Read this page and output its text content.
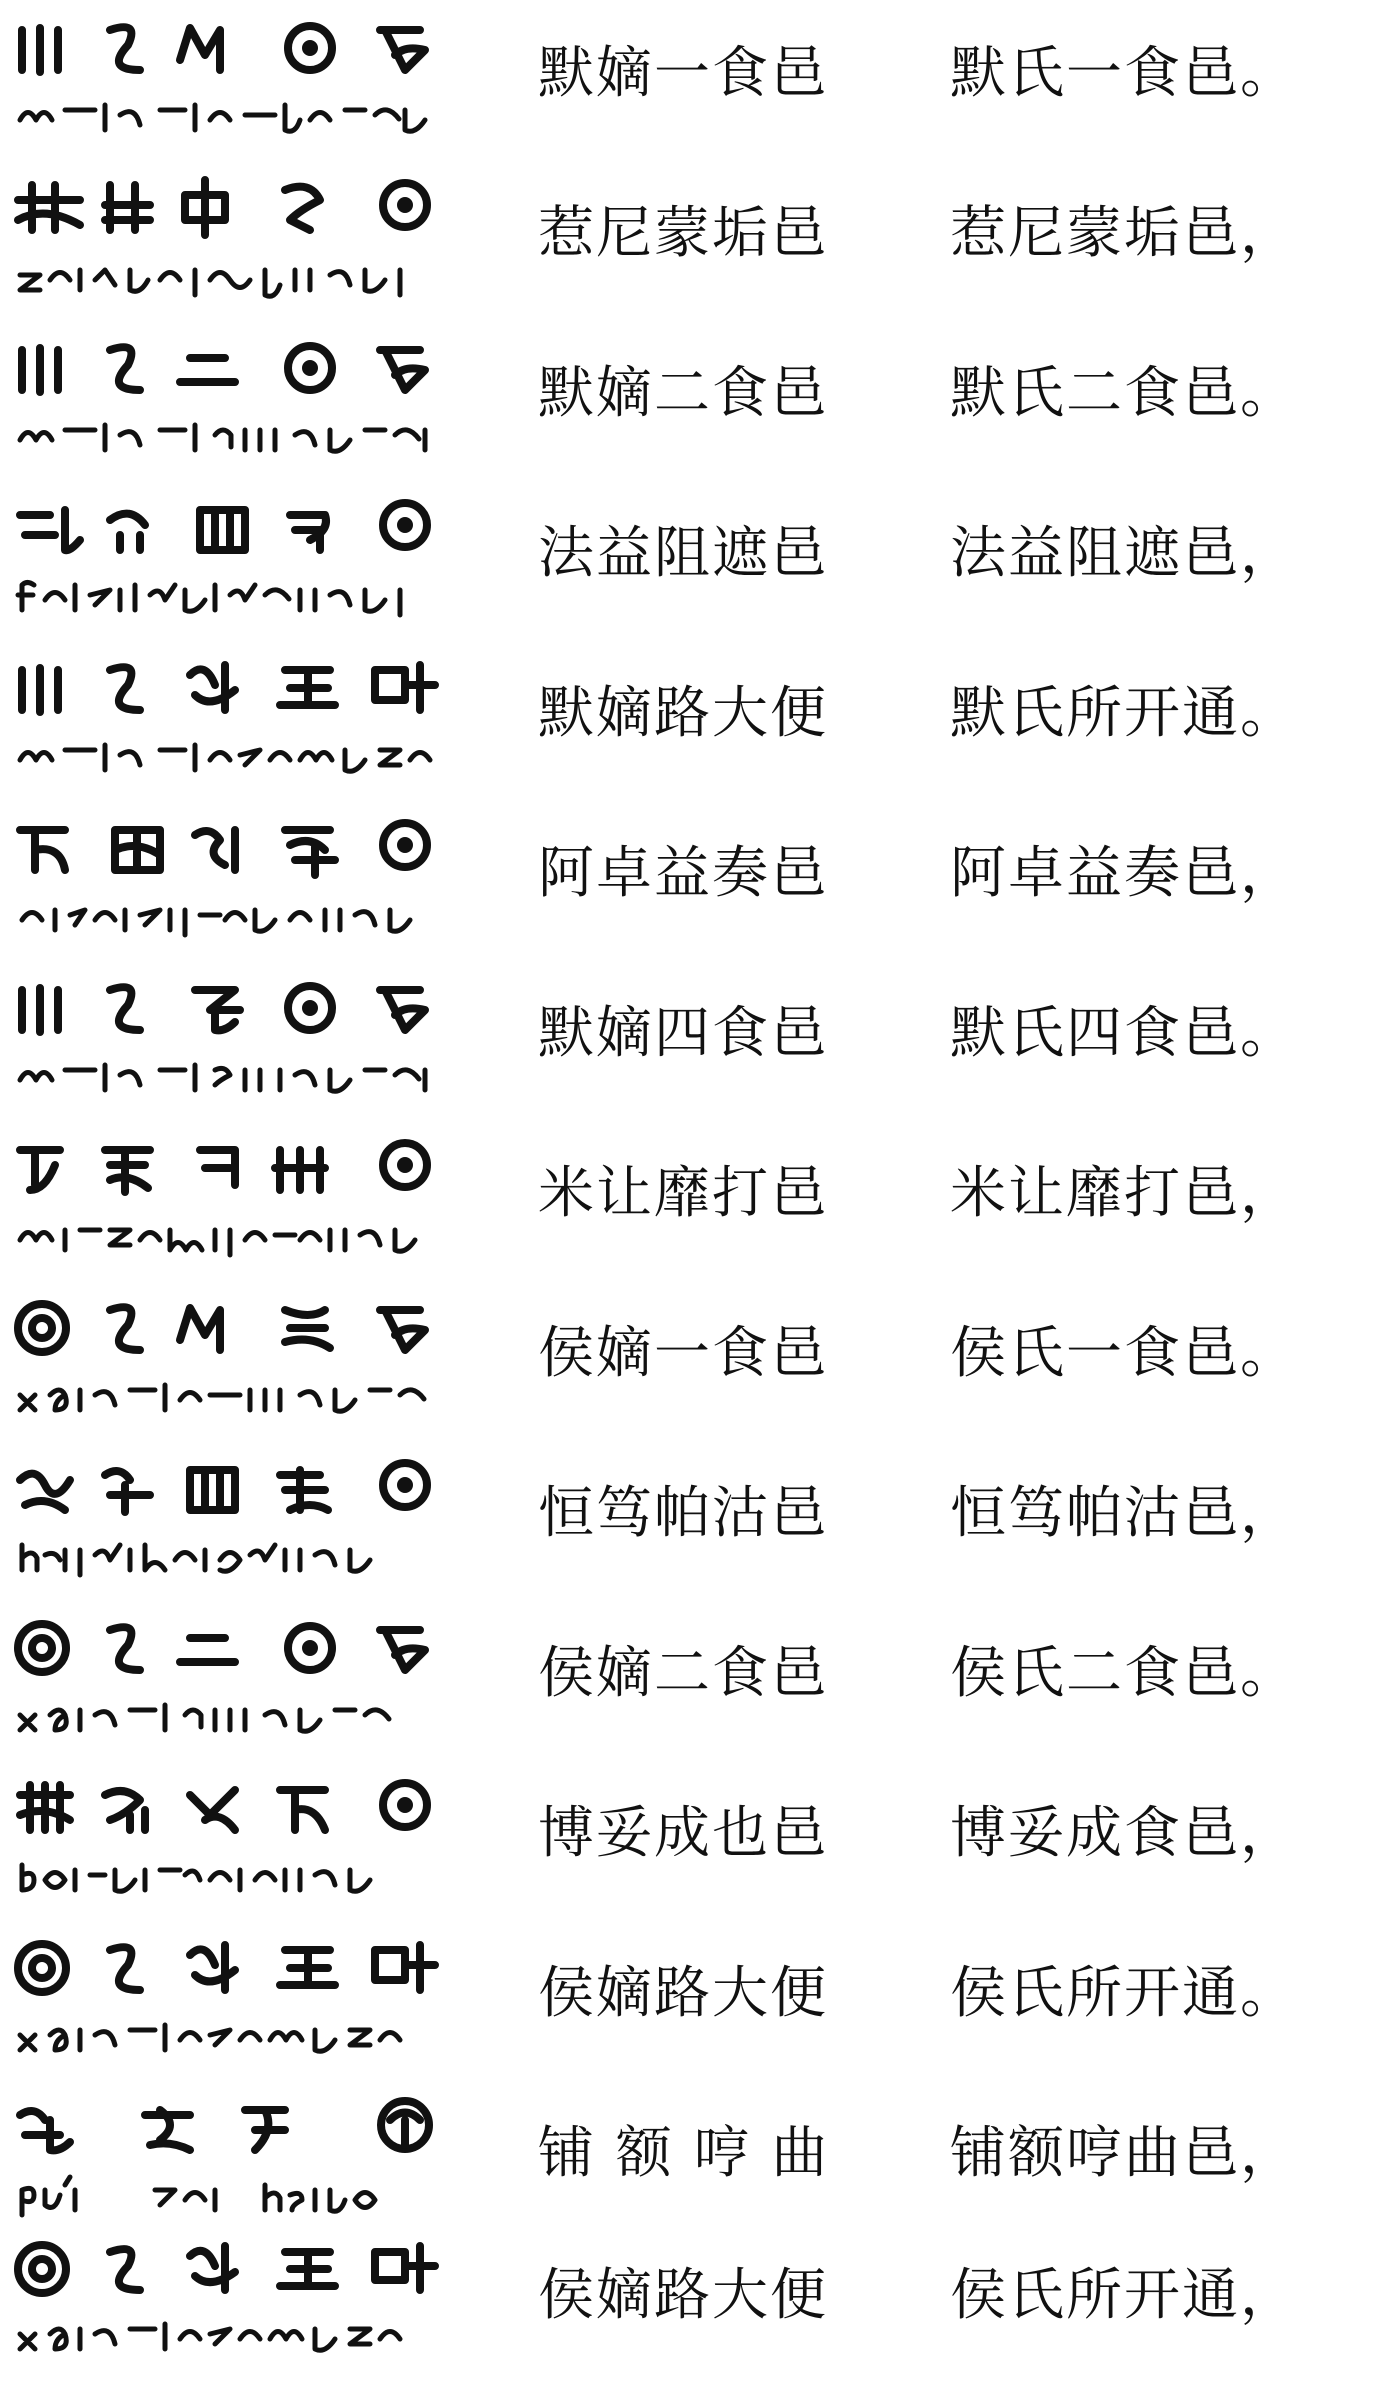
默嫡一食邑 默氏一食邑。
惹尼蒙垢邑 惹尼蒙垢邑，
默嫡二食邑 默氏二食邑。
法益阻遮邑 法益阻遮邑，
默嫡路大便 默氏所开通。
阿卓益奏邑 阿卓益奏邑，
默嫡四食邑 默氏四食邑。
米让靡打邑 米让靡打邑，
侯嫡一食邑 侯氏一食邑。
恒笃帕沽邑 恒笃帕沽邑，
侯嫡二食邑 侯氏二食邑。
博妥成也邑 博妥成食邑，
侯嫡路大便 侯氏所开通。
铺 额 哼 曲 铺额哼曲邑，
侯嫡路大便 侯氏所开通，
